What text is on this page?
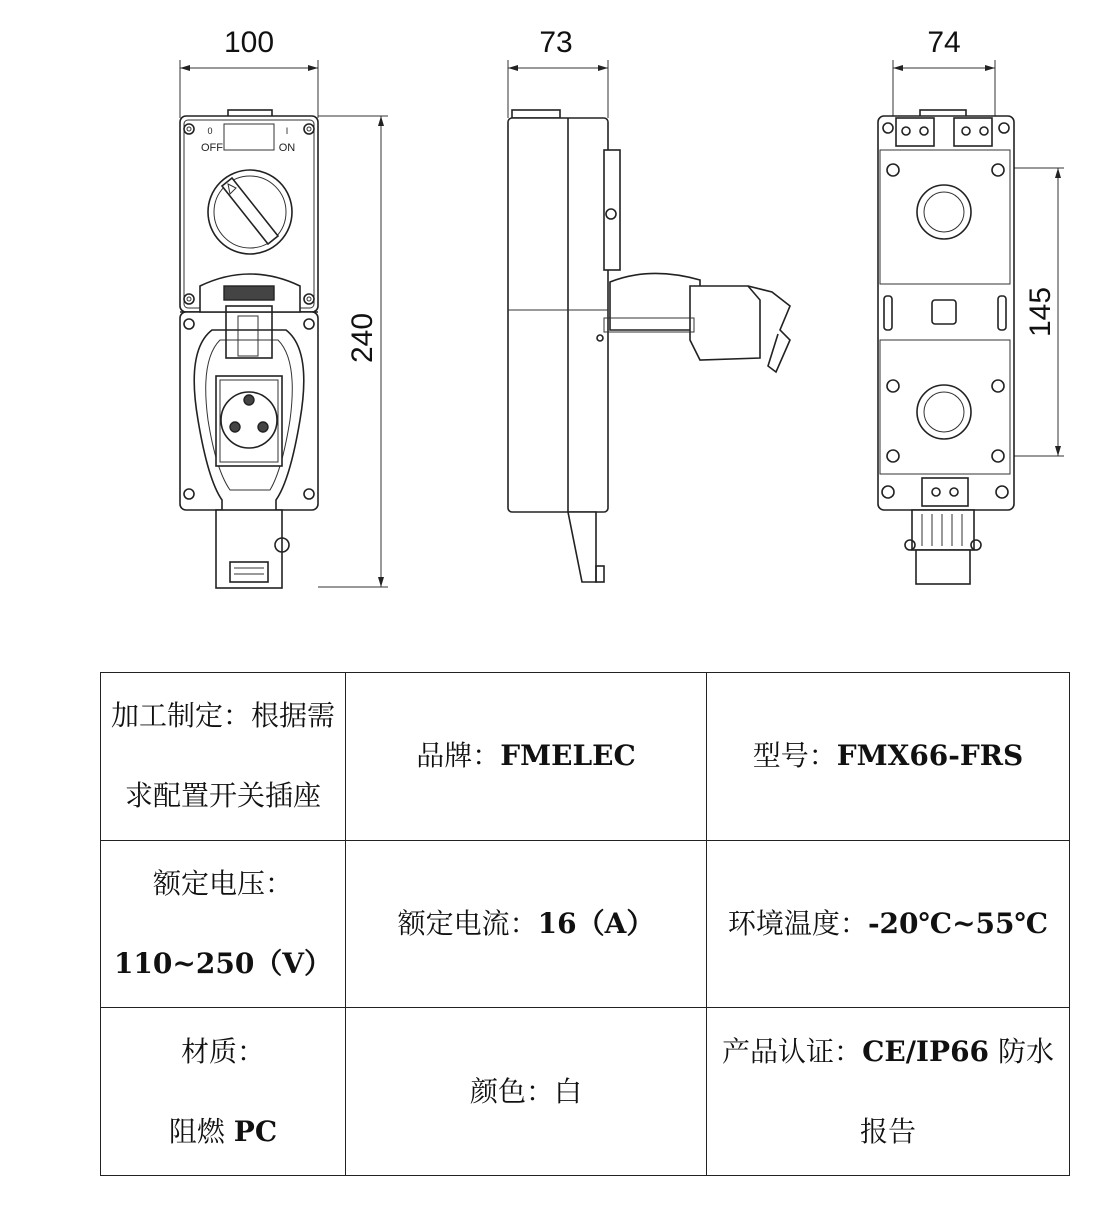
100
240
0
OFF
I
ON
73	74
145
加工制定：根据需
求配置开关插座	品牌：FMELEC	型号：FMX66-FRS

额定电压：
110~250（V）	额定电流：16（A）	环境温度：-20℃~55℃

材质：
阻燃 PC	颜色：白	产品认证：CE/IP66 防水报告
